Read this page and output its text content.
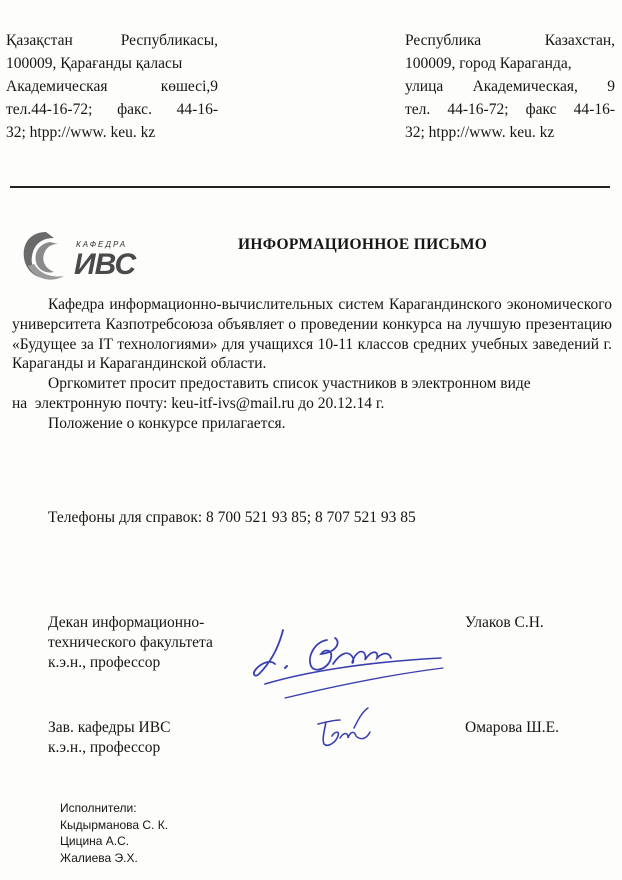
Қазақстан Республикасы,
100009, Қарағанды қаласы
Академическая көшесі,9
тел.44-16-72; факс. 44-16-
32; htpp://www. keu. kz
Республика Казахстан,
100009, город Караганда,
улица Академическая, 9
тел. 44-16-72; факс 44-16-
32; htpp://www. keu. kz
КАФЕДРА
ИВС
ИНФОРМАЦИОННОЕ ПИСЬМО

Кафедра информационно-вычислительных систем Карагандинского экономического университета Казпотребсоюза объявляет о проведении конкурса на лучшую презентацию «Будущее за IT технологиями» для учащихся 10-11 классов средних учебных заведений г. Караганды и Карагандинской области.

Оргкомитет просит предоставить список участников в электронном виде

на  электронную почту: keu-itf-ivs@mail.ru до 20.12.14 г.

Положение о конкурсе прилагается.

Телефоны для справок: 8 700 521 93 85; 8 707 521 93 85
Декан информационно-
технического факультета
к.э.н., профессор
Улаков С.Н.
Зав. кафедры ИВС
к.э.н., профессор
Омарова Ш.Е.
Исполнители:
Кыдырманова С. К.
Цицина А.С.
Жалиева Э.Х.
